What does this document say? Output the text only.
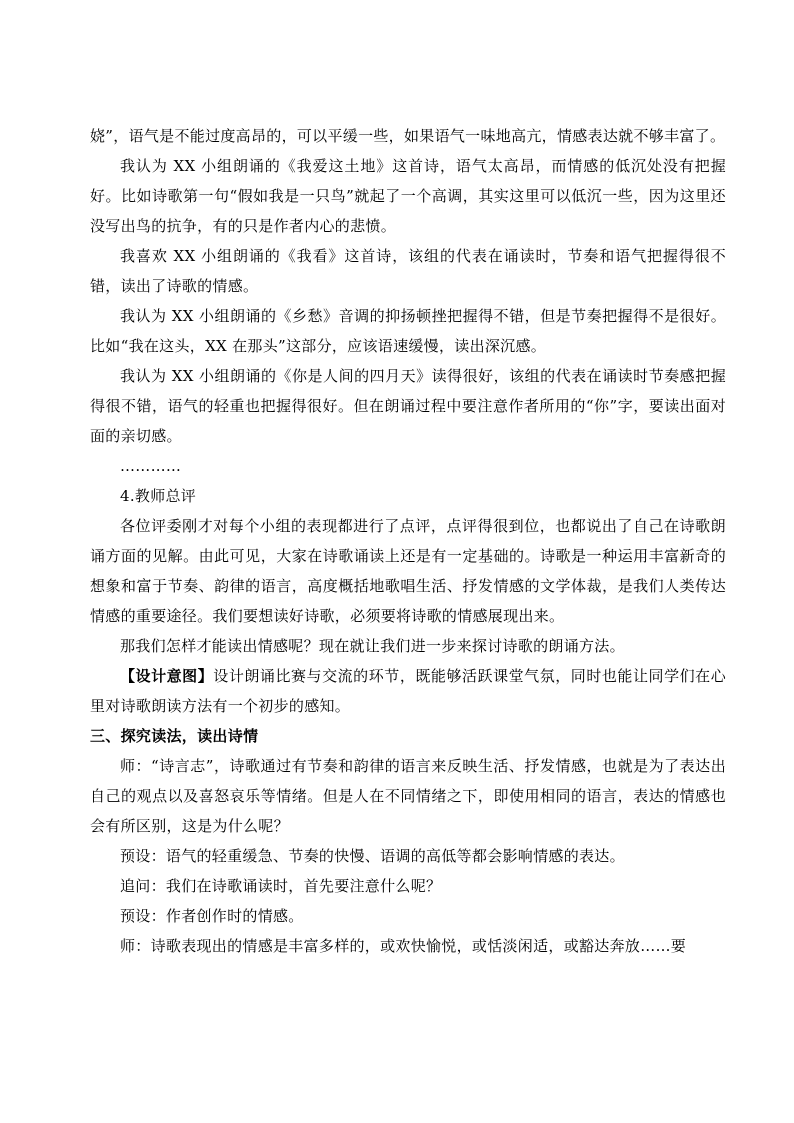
娆”，语气是不能过度高昂的，可以平缓一些，如果语气一味地高亢，情感表达就不够丰富了。

我认为 XX 小组朗诵的《我爱这土地》这首诗，语气太高昂，而情感的低沉处没有把握好。比如诗歌第一句“假如我是一只鸟”就起了一个高调，其实这里可以低沉一些，因为这里还没写出鸟的抗争，有的只是作者内心的悲愤。

我喜欢 XX 小组朗诵的《我看》这首诗，该组的代表在诵读时，节奏和语气把握得很不错，读出了诗歌的情感。

我认为 XX 小组朗诵的《乡愁》音调的抑扬顿挫把握得不错，但是节奏把握得不是很好。比如“我在这头，XX 在那头”这部分，应该语速缓慢，读出深沉感。

我认为 XX 小组朗诵的《你是人间的四月天》读得很好，该组的代表在诵读时节奏感把握得很不错，语气的轻重也把握得很好。但在朗诵过程中要注意作者所用的“你”字，要读出面对面的亲切感。

…………

4.教师总评

各位评委刚才对每个小组的表现都进行了点评，点评得很到位，也都说出了自己在诗歌朗诵方面的见解。由此可见，大家在诗歌诵读上还是有一定基础的。诗歌是一种运用丰富新奇的想象和富于节奏、韵律的语言，高度概括地歌唱生活、抒发情感的文学体裁，是我们人类传达情感的重要途径。我们要想读好诗歌，必须要将诗歌的情感展现出来。

那我们怎样才能读出情感呢？现在就让我们进一步来探讨诗歌的朗诵方法。

【设计意图】设计朗诵比赛与交流的环节，既能够活跃课堂气氛，同时也能让同学们在心里对诗歌朗读方法有一个初步的感知。

三、探究读法，读出诗情

师：“诗言志”，诗歌通过有节奏和韵律的语言来反映生活、抒发情感，也就是为了表达出自己的观点以及喜怒哀乐等情绪。但是人在不同情绪之下，即使用相同的语言，表达的情感也会有所区别，这是为什么呢？

预设：语气的轻重缓急、节奏的快慢、语调的高低等都会影响情感的表达。

追问：我们在诗歌诵读时，首先要注意什么呢？

预设：作者创作时的情感。

师：诗歌表现出的情感是丰富多样的，或欢快愉悦，或恬淡闲适，或豁达奔放……要
